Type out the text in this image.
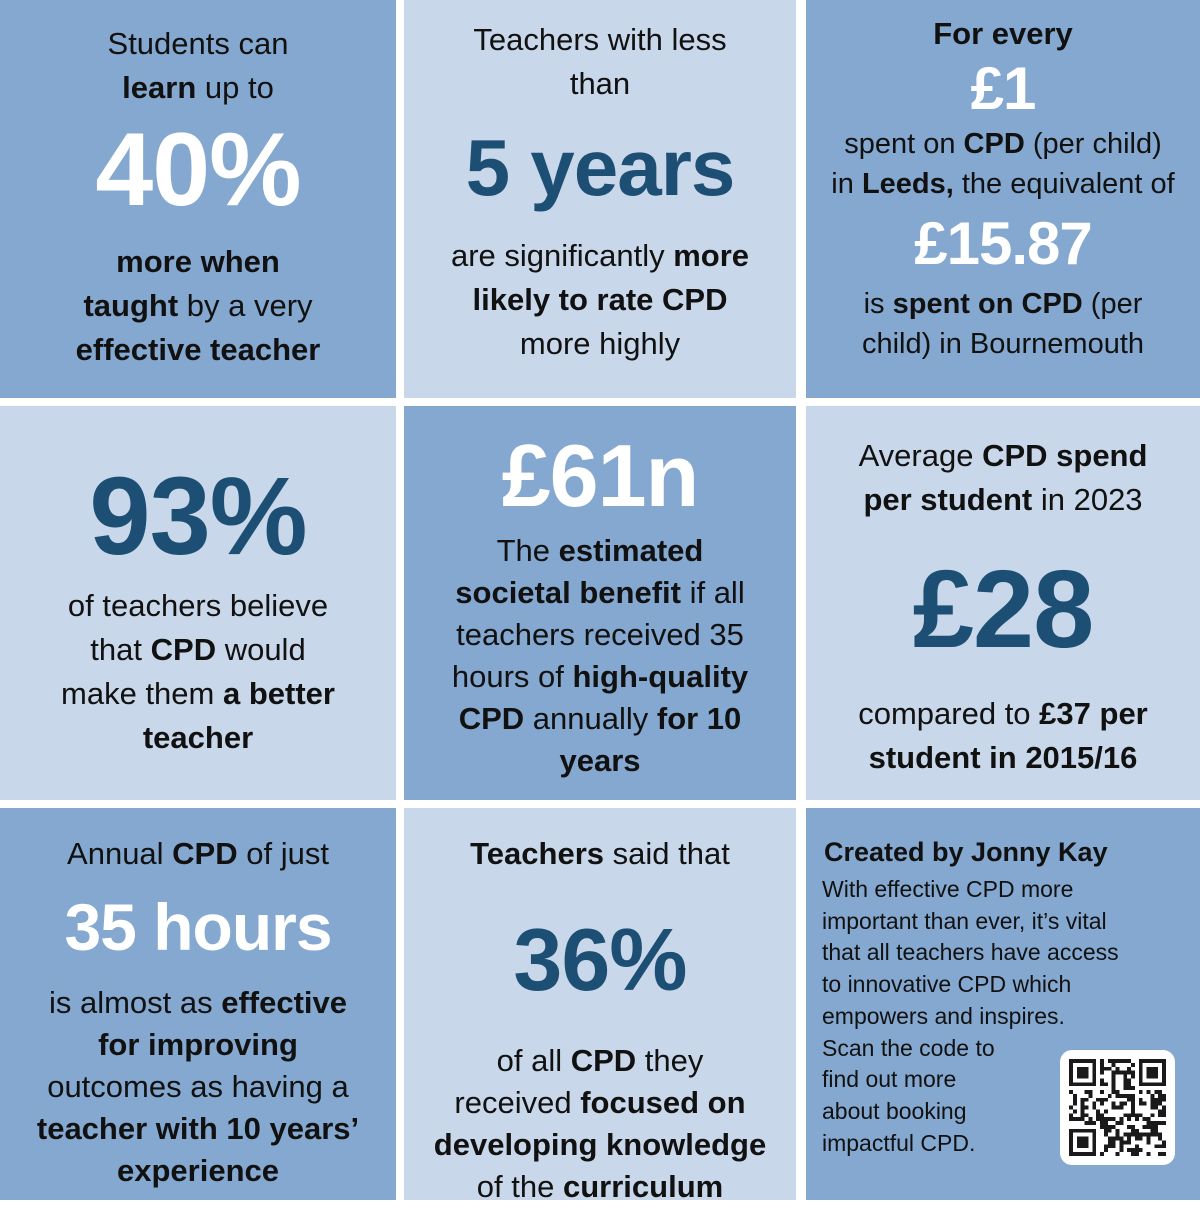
Students can
learn up to
40%
more when
taught by a very
effective teacher
Teachers with less
than
5 years
are significantly more
likely to rate CPD
more highly
For every
£1
spent on CPD (per child)
in Leeds, the equivalent of
£15.87
is spent on CPD (per
child) in Bournemouth
93%
of teachers believe
that CPD would
make them a better
teacher
£61n
The estimated
societal benefit if all
teachers received 35
hours of high-quality
CPD annually for 10
years
Average CPD spend
per student in 2023
£28
compared to £37 per
student in 2015/16
Annual CPD of just
35 hours
is almost as effective
for improving
outcomes as having a
teacher with 10 years’
experience
Teachers said that
36%
of all CPD they
received focused on
developing knowledge
of the curriculum
Created by Jonny Kay
With effective CPD more
important than ever, it’s vital
that all teachers have access
to innovative CPD which
empowers and inspires.
Scan the code to
find out more
about booking
impactful CPD.
